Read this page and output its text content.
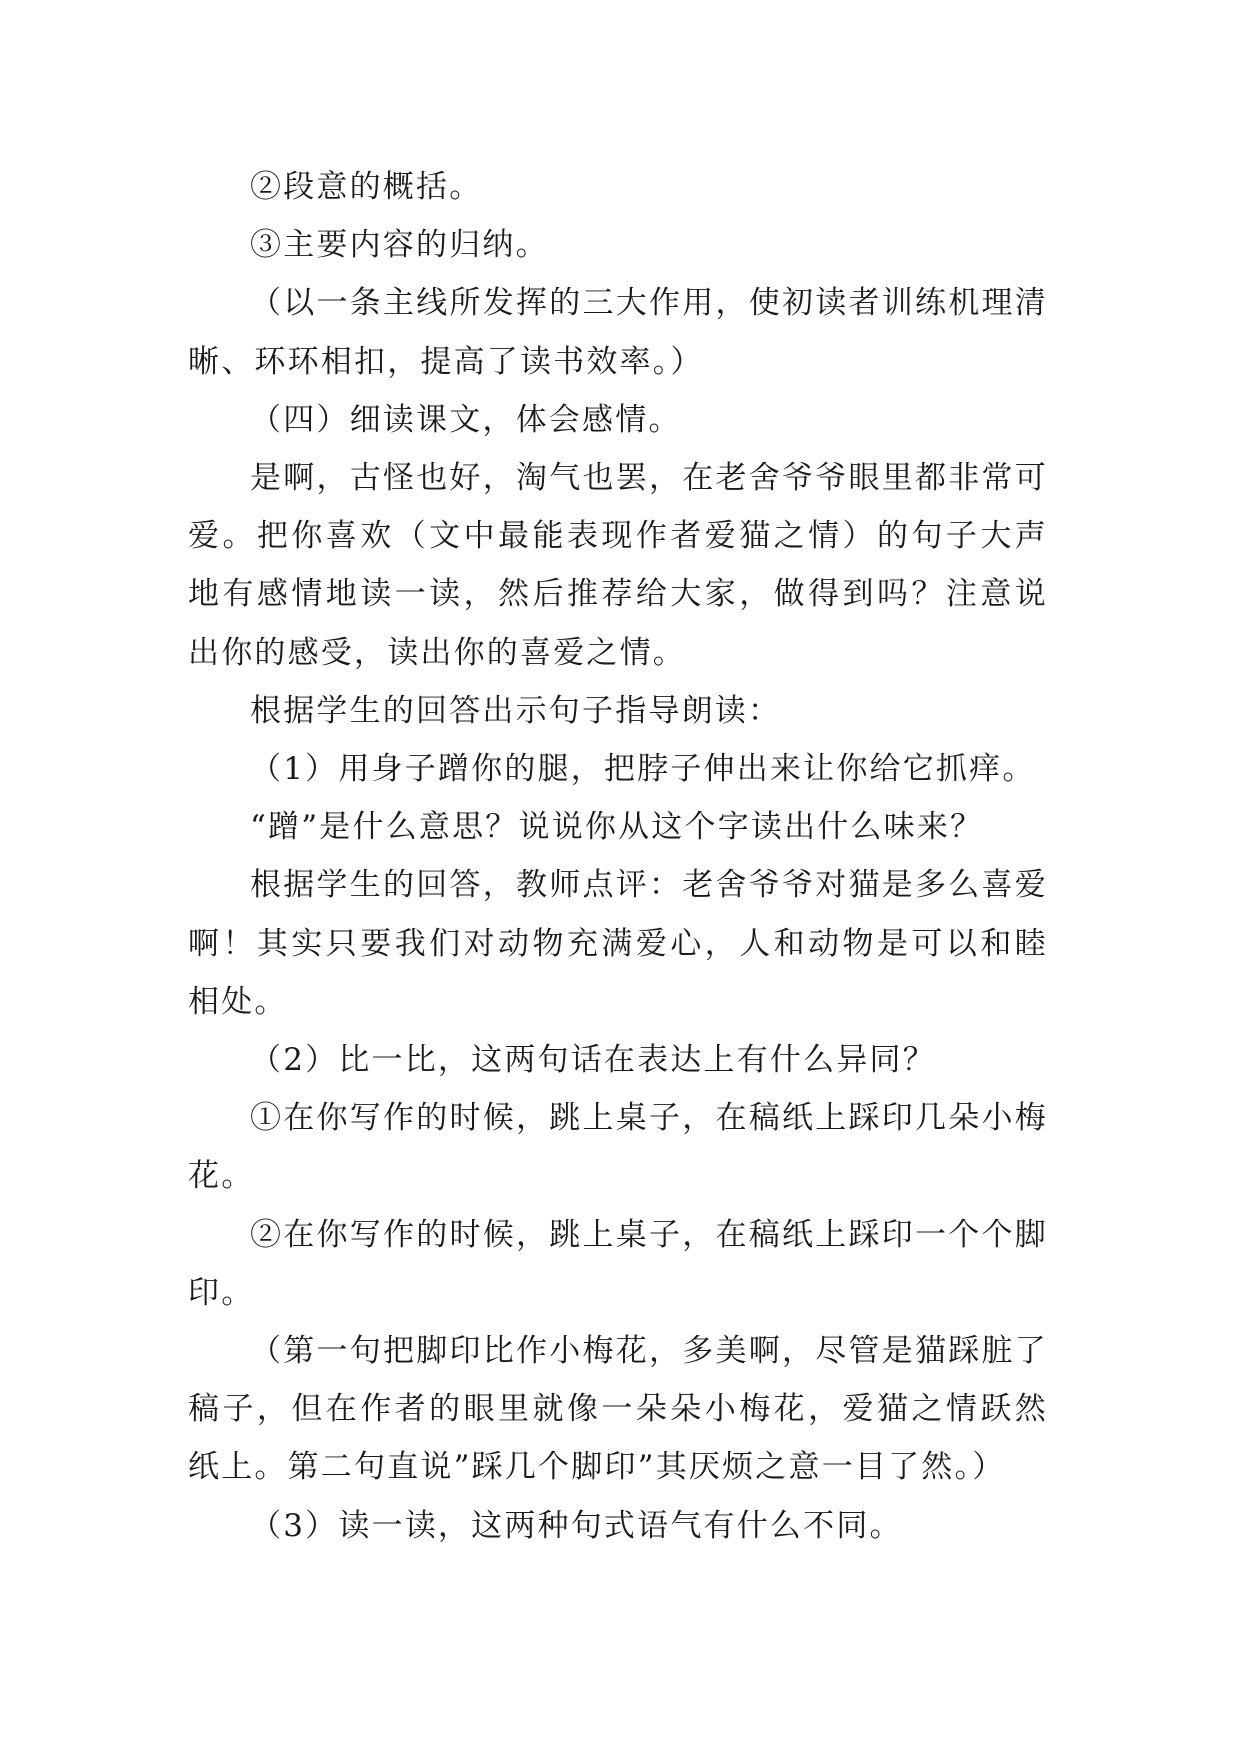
②段意的概括。

③主要内容的归纳。

（以一条主线所发挥的三大作用，使初读者训练机理清晰、环环相扣，提高了读书效率。）

（四）细读课文，体会感情。

是啊，古怪也好，淘气也罢，在老舍爷爷眼里都非常可爱。把你喜欢（文中最能表现作者爱猫之情）的句子大声地有感情地读一读，然后推荐给大家，做得到吗？注意说出你的感受，读出你的喜爱之情。

根据学生的回答出示句子指导朗读：

（1）用身子蹭你的腿，把脖子伸出来让你给它抓痒。

“蹭”是什么意思？说说你从这个字读出什么味来？

根据学生的回答，教师点评：老舍爷爷对猫是多么喜爱啊！其实只要我们对动物充满爱心，人和动物是可以和睦相处。

（2）比一比，这两句话在表达上有什么异同？

①在你写作的时候，跳上桌子，在稿纸上踩印几朵小梅花。

②在你写作的时候，跳上桌子，在稿纸上踩印一个个脚印。

（第一句把脚印比作小梅花，多美啊，尽管是猫踩脏了稿子，但在作者的眼里就像一朵朵小梅花，爱猫之情跃然纸上。第二句直说”踩几个脚印”其厌烦之意一目了然。）

（3）读一读，这两种句式语气有什么不同。
